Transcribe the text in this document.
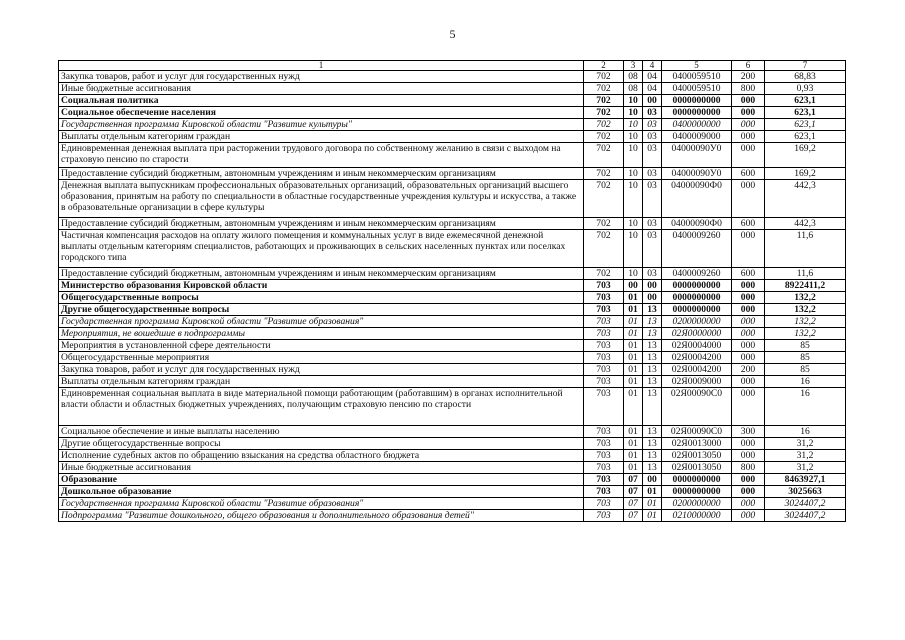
5
1	2	3	4	5	6	7
Закупка товаров, работ и услуг для государственных нужд	702	08	04	0400059510	200	68,83
Иные бюджетные ассигнования	702	08	04	0400059510	800	0,93
Социальная политика	702	10	00	0000000000	000	623,1
Социальное обеспечение населения	702	10	03	0000000000	000	623,1
Государственная программа Кировской области "Развитие культуры"	702	10	03	0400000000	000	623,1
Выплаты отдельным категориям граждан	702	10	03	0400009000	000	623,1
Единовременная денежная выплата при расторжении трудового договора по собственному желанию в связи с выходом на страховую пенсию по старости	702	10	03	04000090У0	000	169,2
Предоставление субсидий бюджетным, автономным учреждениям и иным некоммерческим организациям	702	10	03	04000090У0	600	169,2
Денежная выплата выпускникам профессиональных образовательных организаций, образовательных организаций высшего образования, принятым на работу по специальности в областные государственные учреждения культуры и искусства, а также в образовательные организации в сфере культуры	702	10	03	04000090Ф0	000	442,3
Предоставление субсидий бюджетным, автономным учреждениям и иным некоммерческим организациям	702	10	03	04000090Ф0	600	442,3
Частичная компенсация расходов на оплату жилого помещения и коммунальных услуг в виде ежемесячной денежной выплаты отдельным категориям специалистов, работающих и проживающих в сельских населенных пунктах или поселках городского типа	702	10	03	0400009260	000	11,6
Предоставление субсидий бюджетным, автономным учреждениям и иным некоммерческим организациям	702	10	03	0400009260	600	11,6
Министерство образования Кировской области	703	00	00	0000000000	000	8922411,2
Общегосударственные вопросы	703	01	00	0000000000	000	132,2
Другие общегосударственные вопросы	703	01	13	0000000000	000	132,2
Государственная программа Кировской области "Развитие образования"	703	01	13	0200000000	000	132,2
Мероприятия, не вошедшие в подпрограммы	703	01	13	02Я0000000	000	132,2
Мероприятия в установленной сфере деятельности	703	01	13	02Я0004000	000	85
Общегосударственные мероприятия	703	01	13	02Я0004200	000	85
Закупка товаров, работ и услуг для государственных нужд	703	01	13	02Я0004200	200	85
Выплаты отдельным категориям граждан	703	01	13	02Я0009000	000	16
Единовременная социальная выплата в виде материальной помощи работающим (работавшим) в органах исполнительной власти области и областных бюджетных учреждениях, получающим страховую пенсию по старости	703	01	13	02Я00090С0	000	16
Социальное обеспечение и иные выплаты населению	703	01	13	02Я00090С0	300	16
Другие общегосударственные вопросы	703	01	13	02Я0013000	000	31,2
Исполнение судебных актов по обращению взыскания на средства областного бюджета	703	01	13	02Я0013050	000	31,2
Иные бюджетные ассигнования	703	01	13	02Я0013050	800	31,2
Образование	703	07	00	0000000000	000	8463927,1
Дошкольное образование	703	07	01	0000000000	000	3025663
Государственная программа Кировской области "Развитие образования"	703	07	01	0200000000	000	3024407,2
Подпрограмма "Развитие дошкольного, общего образования и дополнительного образования детей"	703	07	01	0210000000	000	3024407,2
